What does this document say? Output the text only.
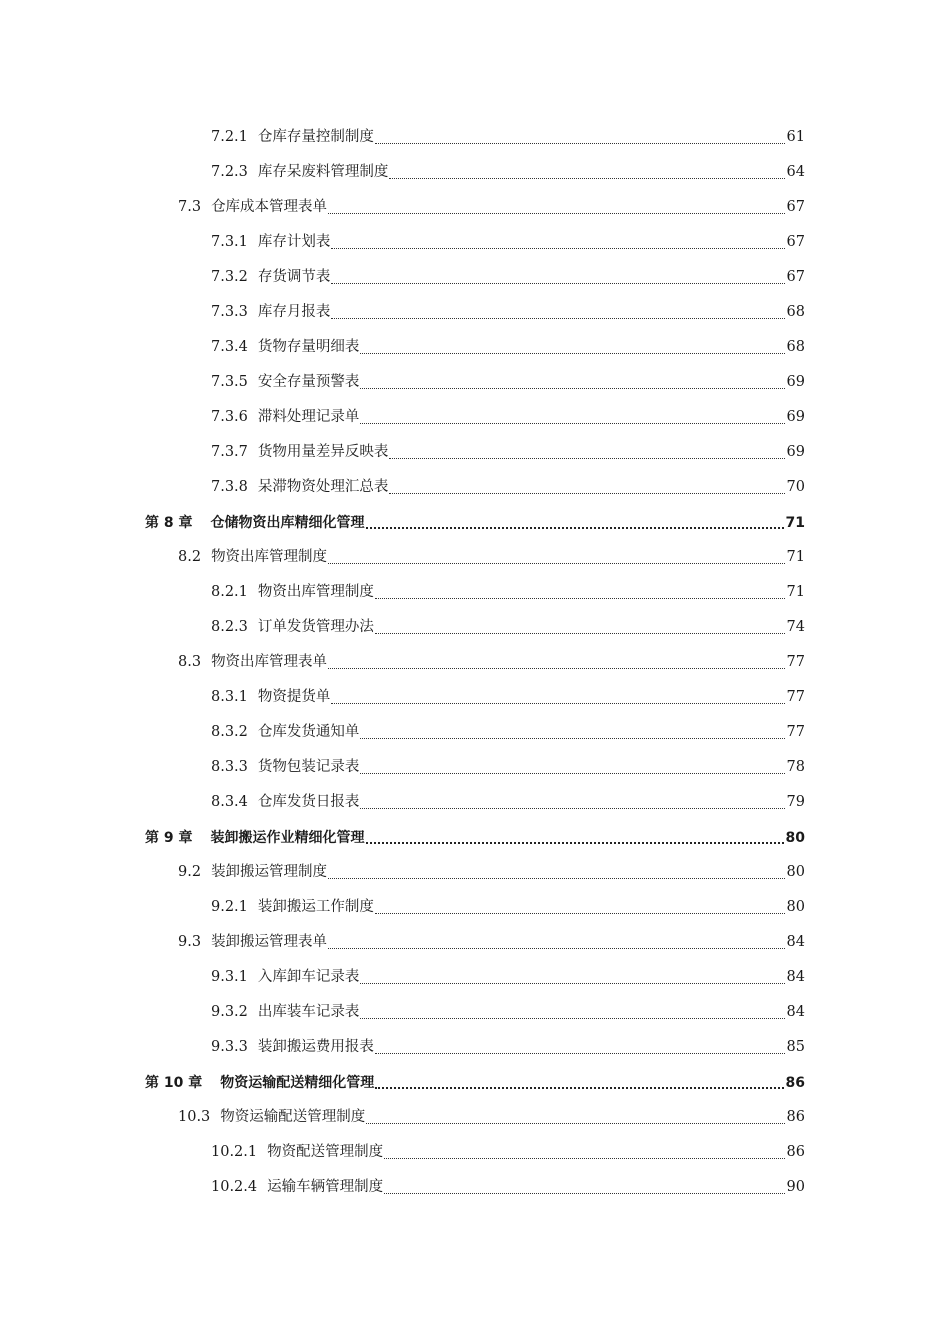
7.2.1 仓库存量控制制度	61
7.2.3 库存呆废料管理制度	64
7.3 仓库成本管理表单	67
7.3.1 库存计划表	67
7.3.2 存货调节表	67
7.3.3 库存月报表	68
7.3.4 货物存量明细表	68
7.3.5 安全存量预警表	69
7.3.6 滞料处理记录单	69
7.3.7 货物用量差异反映表	69
7.3.8 呆滞物资处理汇总表	70
第 8 章 仓储物资出库精细化管理	71
8.2 物资出库管理制度	71
8.2.1 物资出库管理制度	71
8.2.3 订单发货管理办法	74
8.3 物资出库管理表单	77
8.3.1 物资提货单	77
8.3.2 仓库发货通知单	77
8.3.3 货物包装记录表	78
8.3.4 仓库发货日报表	79
第 9 章 装卸搬运作业精细化管理	80
9.2 装卸搬运管理制度	80
9.2.1 装卸搬运工作制度	80
9.3 装卸搬运管理表单	84
9.3.1 入库卸车记录表	84
9.3.2 出库装车记录表	84
9.3.3 装卸搬运费用报表	85
第 10 章 物资运输配送精细化管理	86
10.3 物资运输配送管理制度	86
10.2.1 物资配送管理制度	86
10.2.4 运输车辆管理制度	90
